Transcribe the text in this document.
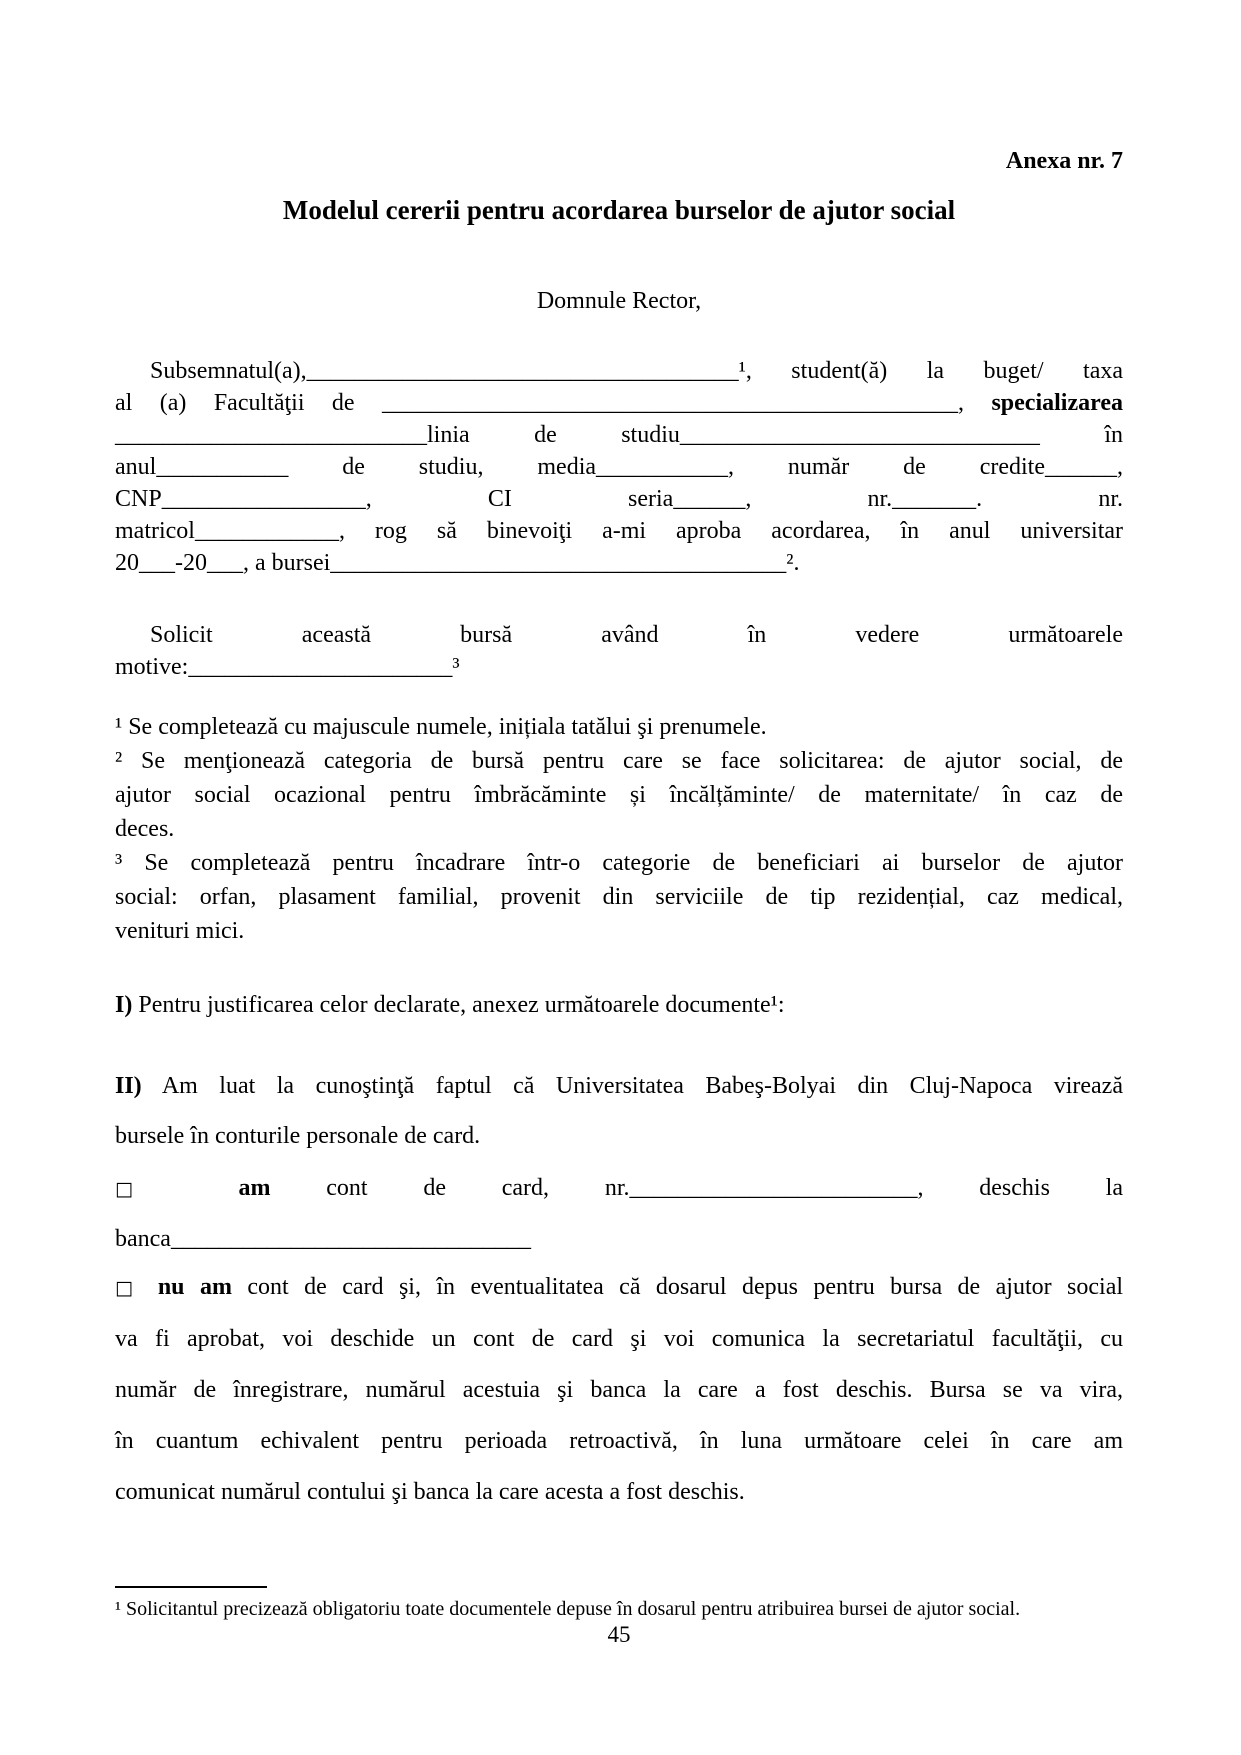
Anexa nr. 7
Modelul cererii pentru acordarea burselor de ajutor social
Domnule Rector,
Subsemnatul(a),____________________________________¹, student(ă) la buget/ taxa
al (a) Facultăţii de ________________________________________________, specializarea
__________________________linia de studiu______________________________ în
anul___________ de studiu, media___________, număr de credite______,
CNP_________________, CI seria______, nr._______. nr.
matricol____________, rog să binevoiţi a-mi aproba acordarea, în anul universitar
20___-20___, a bursei______________________________________².
Solicit această bursă având în vedere următoarele
motive:______________________³
¹ Se completează cu majuscule numele, inițiala tatălui şi prenumele.
² Se menţionează categoria de bursă pentru care se face solicitarea: de ajutor social, de
ajutor social ocazional pentru îmbrăcăminte și încălțăminte/ de maternitate/ în caz de
deces.
³ Se completează pentru încadrare într-o categorie de beneficiari ai burselor de ajutor
social: orfan, plasament familial, provenit din serviciile de tip rezidențial, caz medical,
venituri mici.
I) Pentru justificarea celor declarate, anexez următoarele documente¹:
II) Am luat la cunoştinţă faptul că Universitatea Babeş-Bolyai din Cluj-Napoca virează
bursele în conturile personale de card.
□ am cont de card, nr.________________________, deschis la
banca______________________________
□ nu am cont de card şi, în eventualitatea că dosarul depus pentru bursa de ajutor social
va fi aprobat, voi deschide un cont de card şi voi comunica la secretariatul facultăţii, cu
număr de înregistrare, numărul acestuia şi banca la care a fost deschis. Bursa se va vira,
în cuantum echivalent pentru perioada retroactivă, în luna următoare celei în care am
comunicat numărul contului şi banca la care acesta a fost deschis.
¹ Solicitantul precizează obligatoriu toate documentele depuse în dosarul pentru atribuirea bursei de ajutor social.
45
